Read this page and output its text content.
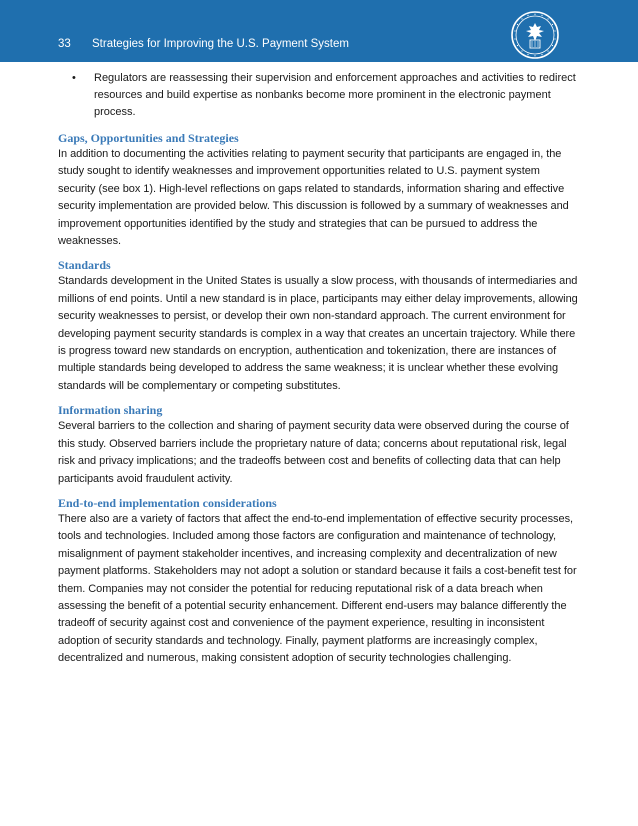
33 Strategies for Improving the U.S. Payment System
• Regulators are reassessing their supervision and enforcement approaches and activities to redirect resources and build expertise as nonbanks become more prominent in the electronic payment process.
Gaps, Opportunities and Strategies

In addition to documenting the activities relating to payment security that participants are engaged in, the study sought to identify weaknesses and improvement opportunities related to U.S. payment system security (see box 1). High-level reflections on gaps related to standards, information sharing and effective security implementation are provided below. This discussion is followed by a summary of weaknesses and improvement opportunities identified by the study and strategies that can be pursued to address the weaknesses.

Standards

Standards development in the United States is usually a slow process, with thousands of intermediaries and millions of end points. Until a new standard is in place, participants may either delay improvements, allowing security weaknesses to persist, or develop their own non-standard approach. The current environment for developing payment security standards is complex in a way that creates an uncertain trajectory. While there is progress toward new standards on encryption, authentication and tokenization, there are instances of multiple standards being developed to address the same weakness; it is unclear whether these evolving standards will be complementary or competing substitutes.

Information sharing

Several barriers to the collection and sharing of payment security data were observed during the course of this study. Observed barriers include the proprietary nature of data; concerns about reputational risk, legal risk and privacy implications; and the tradeoffs between cost and benefits of collecting data that can help participants avoid fraudulent activity.

End-to-end implementation considerations

There also are a variety of factors that affect the end-to-end implementation of effective security processes, tools and technologies. Included among those factors are configuration and maintenance of technology, misalignment of payment stakeholder incentives, and increasing complexity and decentralization of new payment platforms. Stakeholders may not adopt a solution or standard because it fails a cost-benefit test for them. Companies may not consider the potential for reducing reputational risk of a data breach when assessing the benefit of a potential security enhancement. Different end-users may balance differently the tradeoff of security against cost and convenience of the payment experience, resulting in inconsistent adoption of security standards and technology. Finally, payment platforms are increasingly complex, decentralized and numerous, making consistent adoption of security technologies challenging.
